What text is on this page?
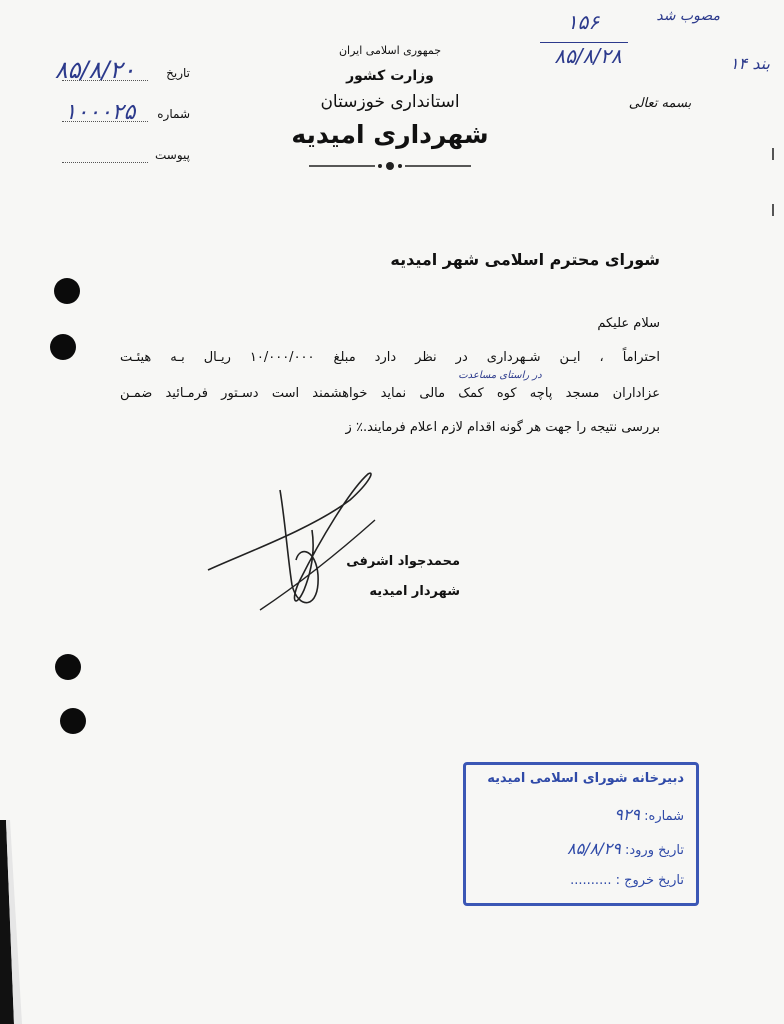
۱۵۶
۸۵/۸/۲۸
مصوب شد
بند ۱۴
بسمه تعالی
جمهوری اسلامی ایران
وزارت کشور
استانداری خوزستان
شهرداری امیدیه
تاریخ
۸۵/۸/۲۰
شماره
۱۰۰۰۲۵
پیوست
شورای محترم اسلامی شهر امیدیه
سلام علیکم
احتراماً ، ایـن شـهرداری در نظر دارد مبلغ ۱۰/۰۰۰/۰۰۰ ریـال بـه هیئـت
در راستای مساعدت
عزاداران مسجد پاچه کوه کمک مالی نماید خواهشمند است دسـتور فرمـائید ضمـن
بررسی نتیجه را جهت هر گونه اقدام لازم اعلام فرمایند.٪ ز
محمدجواد اشرفی
شهردار امیدیه
دبیرخانه شورای اسلامی امیدیه
شماره: ۹۲۹
تاریخ ورود: ۸۵/۸/۲۹
تاریخ خروج : ..........
